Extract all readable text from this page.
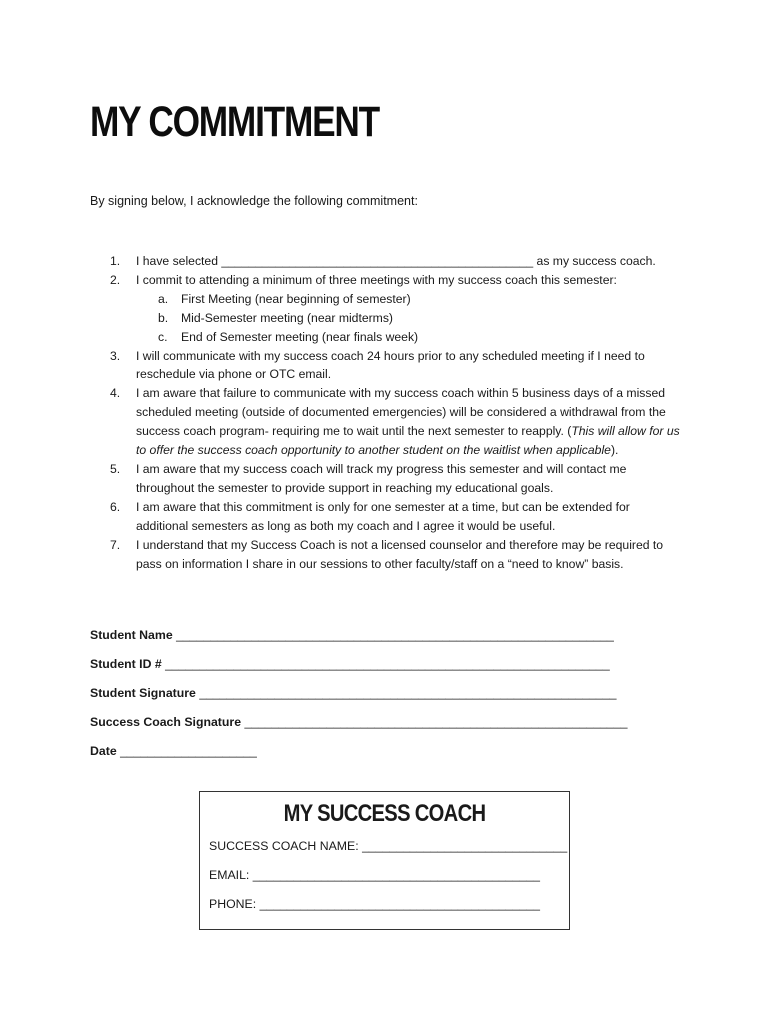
MY COMMITMENT
By signing below, I acknowledge the following commitment:
1.	I have selected ______________________________________________ as my success coach.
2.	I commit to attending a minimum of three meetings with my success coach this semester:
a. First Meeting (near beginning of semester)
b. Mid-Semester meeting (near midterms)
c. End of Semester meeting (near finals week)
3.	I will communicate with my success coach 24 hours prior to any scheduled meeting if I need to reschedule via phone or OTC email.
4.	I am aware that failure to communicate with my success coach within 5 business days of a missed scheduled meeting (outside of documented emergencies) will be considered a withdrawal from the success coach program- requiring me to wait until the next semester to reapply. (This will allow for us to offer the success coach opportunity to another student on the waitlist when applicable).
5.	I am aware that my success coach will track my progress this semester and will contact me throughout the semester to provide support in reaching my educational goals.
6.	I am aware that this commitment is only for one semester at a time, but can be extended for additional semesters as long as both my coach and I agree it would be useful.
7.	I understand that my Success Coach is not a licensed counselor and therefore may be required to pass on information I share in our sessions to other faculty/staff on a “need to know” basis.
Student Name ________________________________________________________________
Student ID # _________________________________________________________________
Student Signature _____________________________________________________________
Success Coach Signature ________________________________________________________
Date ____________________
MY SUCCESS COACH
SUCCESS COACH NAME: ______________________________
EMAIL: __________________________________________
PHONE: _________________________________________
